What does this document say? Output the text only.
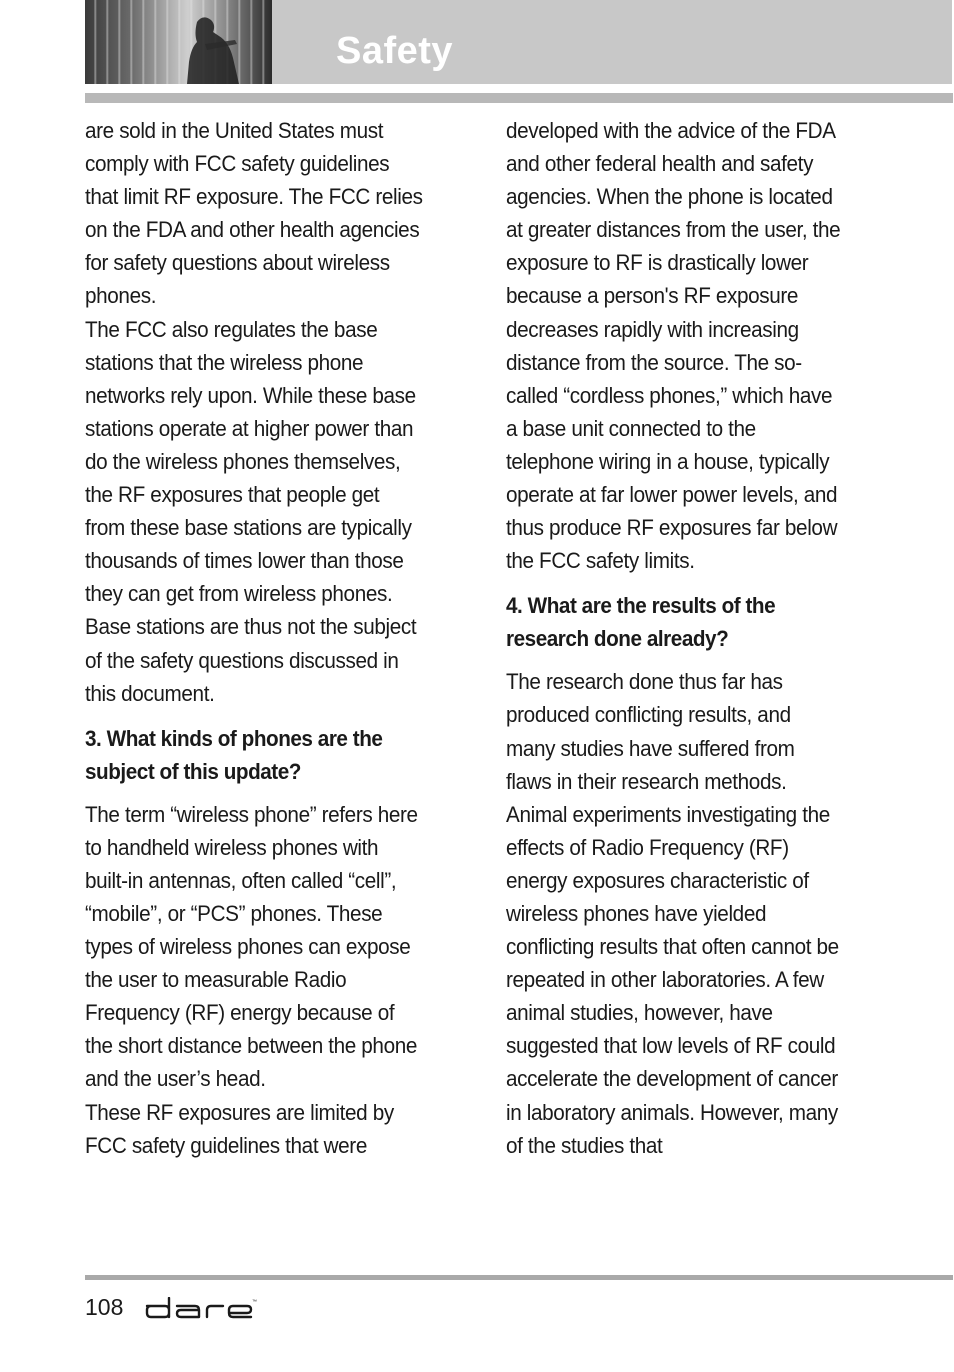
Safety

are sold in the United States must comply with FCC safety guidelines that limit RF exposure. The FCC relies on the FDA and other health agencies for safety questions about wireless phones.

The FCC also regulates the base stations that the wireless phone networks rely upon. While these base stations operate at higher power than do the wireless phones themselves, the RF exposures that people get from these base stations are typically thousands of times lower than those they can get from wireless phones. Base stations are thus not the subject of the safety questions discussed in this document.

3. What kinds of phones are the subject of this update?

The term “wireless phone” refers here to handheld wireless phones with built-in antennas, often called “cell”, “mobile”, or “PCS” phones. These types of wireless phones can expose the user to measurable Radio Frequency (RF) energy because of the short distance between the phone and the user’s head.

These RF exposures are limited by FCC safety guidelines that were

developed with the advice of the FDA and other federal health and safety agencies. When the phone is located at greater distances from the user, the exposure to RF is drastically lower because a person's RF exposure decreases rapidly with increasing distance from the source. The so-called “cordless phones,” which have a base unit connected to the telephone wiring in a house, typically operate at far lower power levels, and thus produce RF exposures far below the FCC safety limits.

4. What are the results of the research done already?

The research done thus far has produced conflicting results, and many studies have suffered from flaws in their research methods. Animal experiments investigating the effects of Radio Frequency (RF) energy exposures characteristic of wireless phones have yielded conflicting results that often cannot be repeated in other laboratories. A few animal studies, however, have suggested that low levels of RF could accelerate the development of cancer in laboratory animals. However, many of the studies that

108	™
